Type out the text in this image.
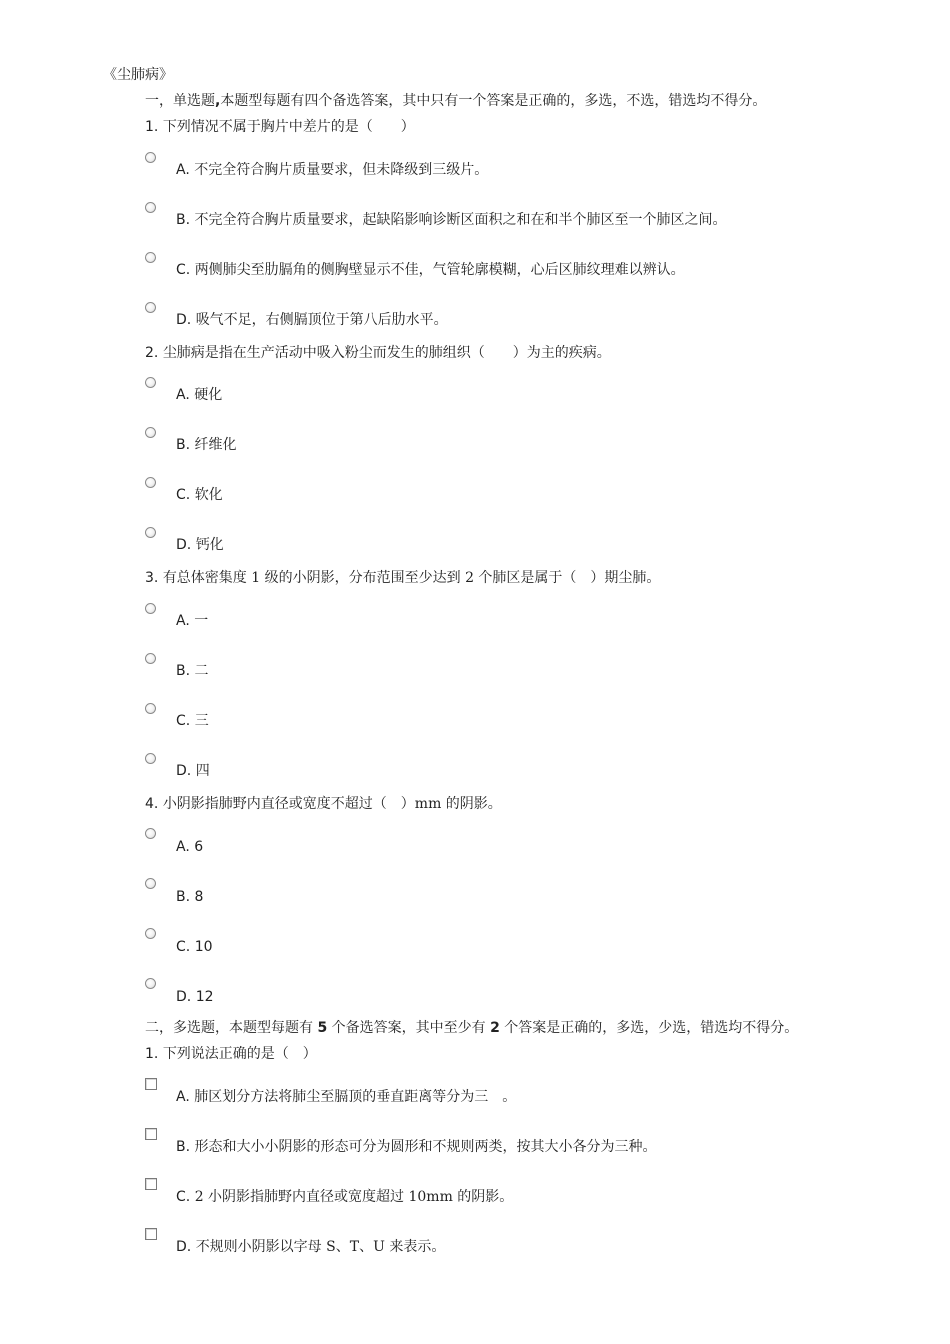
《尘肺病》
一，单选题,本题型每题有四个备选答案，其中只有一个答案是正确的，多选，不选，错选均不得分。
1. 下列情况不属于胸片中差片的是（　　）
A. 不完全符合胸片质量要求，但未降级到三级片。
B. 不完全符合胸片质量要求，起缺陷影响诊断区面积之和在和半个肺区至一个肺区之间。
C. 两侧肺尖至肋膈角的侧胸壁显示不佳，气管轮廓模糊，心后区肺纹理难以辨认。
D. 吸气不足，右侧膈顶位于第八后肋水平。
2. 尘肺病是指在生产活动中吸入粉尘而发生的肺组织（　　）为主的疾病。
A. 硬化
B. 纤维化
C. 软化
D. 钙化
3. 有总体密集度 1 级的小阴影，分布范围至少达到 2 个肺区是属于（　）期尘肺。
A. 一
B. 二
C. 三
D. 四
4. 小阴影指肺野内直径或宽度不超过（　）mm 的阴影。
A. 6
B. 8
C. 10
D. 12
二，多选题，本题型每题有 5 个备选答案，其中至少有 2 个答案是正确的，多选，少选，错选均不得分。
1. 下列说法正确的是（　）
A. 肺区划分方法将肺尘至膈顶的垂直距离等分为三　。
B. 形态和大小小阴影的形态可分为圆形和不规则两类，按其大小各分为三种。
C. 2 小阴影指肺野内直径或宽度超过 10mm 的阴影。
D. 不规则小阴影以字母 S、T、U 来表示。
